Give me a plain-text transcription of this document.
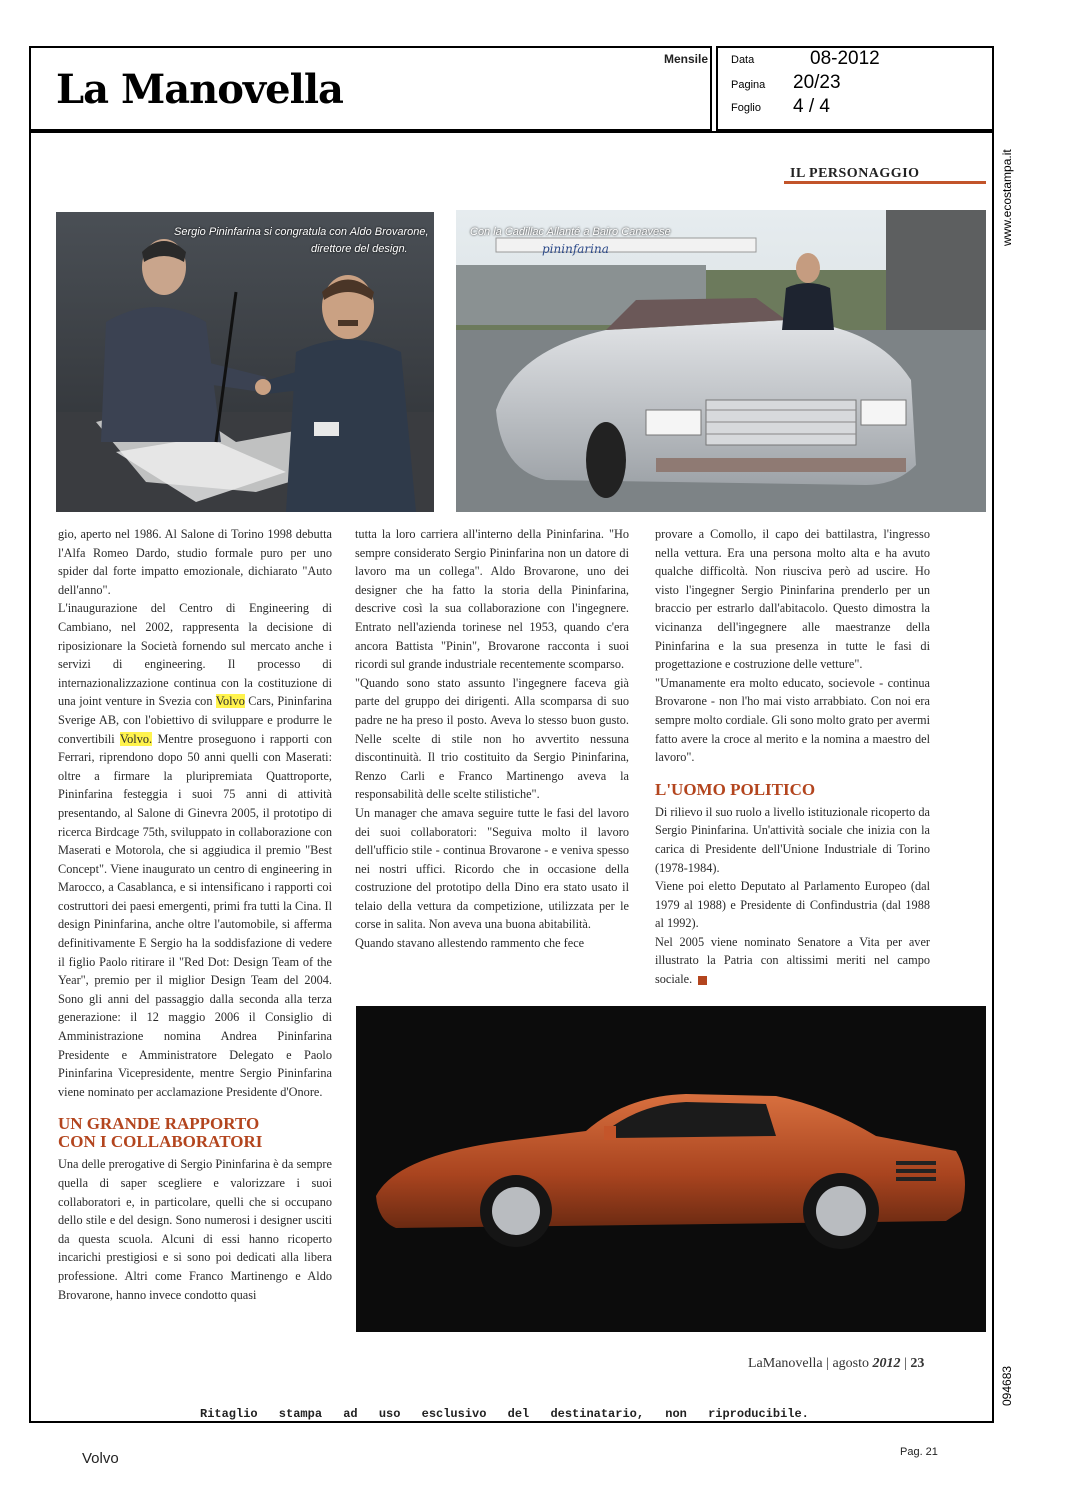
La Manovella
Mensile Data	08-2012
Pagina 20/23
Foglio 4 / 4
www.ecostampa.it
094683
IL PERSONAGGIO
Sergio Pininfarina si congratula con Aldo Brovarone,
direttore del design.
Con la Cadillac Allanté a Bairo Canavese
pininfarina

gio, aperto nel 1986. Al Salone di Torino 1998 debutta l'Alfa Romeo Dardo, studio formale puro per uno spider dal forte impatto emozionale, dichiarato "Auto dell'anno".

L'inaugurazione del Centro di Engineering di Cambiano, nel 2002, rappresenta la decisione di riposizionare la Società fornendo sul mercato anche i servizi di engineering. Il processo di internazionalizzazione continua con la costituzione di una joint venture in Svezia con Volvo Cars, Pininfarina Sverige AB, con l'obiettivo di sviluppare e produrre le convertibili Volvo. Mentre proseguono i rapporti con Ferrari, riprendono dopo 50 anni quelli con Maserati: oltre a firmare la pluripremiata Quattroporte, Pininfarina festeggia i suoi 75 anni di attività presentando, al Salone di Ginevra 2005, il prototipo di ricerca Birdcage 75th, sviluppato in collaborazione con Maserati e Motorola, che si aggiudica il premio "Best Concept". Viene inaugurato un centro di engineering in Marocco, a Casablanca, e si intensificano i rapporti coi costruttori dei paesi emergenti, primi fra tutti la Cina. Il design Pininfarina, anche oltre l'automobile, si afferma definitivamente E Sergio ha la soddisfazione di vedere il figlio Paolo ritirare il "Red Dot: Design Team of the Year", premio per il miglior Design Team del 2004. Sono gli anni del passaggio dalla seconda alla terza generazione: il 12 maggio 2006 il Consiglio di Amministrazione nomina Andrea Pininfarina Presidente e Amministratore Delegato e Paolo Pininfarina Vicepresidente, mentre Sergio Pininfarina viene nominato per acclamazione Presidente d'Onore.

UN GRANDE RAPPORTO
CON I COLLABORATORI

Una delle prerogative di Sergio Pininfarina è da sempre quella di saper sceglierе e valorizzare i suoi collaboratori e, in particolare, quelli che si occupano dello stile e del design. Sono numerosi i designer usciti da questa scuola. Alcuni di essi hanno ricoperto incarichi prestigiosi e si sono poi dedicati alla libera professione. Altri come Franco Martinengo e Aldo Brovarone, hanno invece condotto quasi

tutta la loro carriera all'interno della Pininfarina. "Ho sempre considerato Sergio Pininfarina non un datore di lavoro ma un collega". Aldo Brovarone, uno dei designer che ha fatto la storia della Pininfarina, descrive così la sua collaborazione con l'ingegnere. Entrato nell'azienda torinese nel 1953, quando c'era ancora Battista "Pinin", Brovarone racconta i suoi ricordi sul grande industriale recentemente scomparso.

"Quando sono stato assunto l'ingegnere faceva già parte del gruppo dei dirigenti. Alla scomparsa di suo padre ne ha preso il posto. Aveva lo stesso buon gusto. Nelle scelte di stile non ho avvertito nessuna discontinuità. Il trio costituito da Sergio Pininfarina, Renzo Carli e Franco Martinengo aveva la responsabilità delle scelte stilistiche".

Un manager che amava seguire tutte le fasi del lavoro dei suoi collaboratori: "Seguiva molto il lavoro dell'ufficio stile - continua Brovarone - e veniva spesso nei nostri uffici. Ricordo che in occasione della costruzione del prototipo della Dino era stato usato il telaio della vettura da competizione, utilizzata per le corse in salita. Non aveva una buona abitabilità.

Quando stavano allestendo rammento che fece

provare a Comollo, il capo dei battilastra, l'ingresso nella vettura. Era una persona molto alta e ha avuto qualche difficoltà. Non riusciva però ad uscire. Ho visto l'ingegner Sergio Pininfarina prenderlo per un braccio per estrarlo dall'abitacolo. Questo dimostra la vicinanza dell'ingegnere alle maestranze della Pininfarina e la sua presenza in tutte le fasi di progettazione e costruzione delle vetture".

"Umanamente era molto educato, socievole - continua Brovarone - non l'ho mai visto arrabbiato. Con noi era sempre molto cordiale. Gli sono molto grato per avermi fatto avere la croce al merito e la nomina a maestro del lavoro".

L'UOMO POLITICO

Di rilievo il suo ruolo a livello istituzionale ricoperto da Sergio Pininfarina. Un'attività sociale che inizia con la carica di Presidente dell'Unione Industriale di Torino (1978-1984).

Viene poi eletto Deputato al Parlamento Europeo (dal 1979 al 1988) e Presidente di Confindustria (dal 1988 al 1992).

Nel 2005 viene nominato Senatore a Vita per aver illustrato la Patria con altissimi meriti nel campo sociale.

LaManovella | agosto 2012 | 23
Ritaglio stampa ad uso esclusivo del destinatario, non riproducibile.
Volvo	Pag. 21
